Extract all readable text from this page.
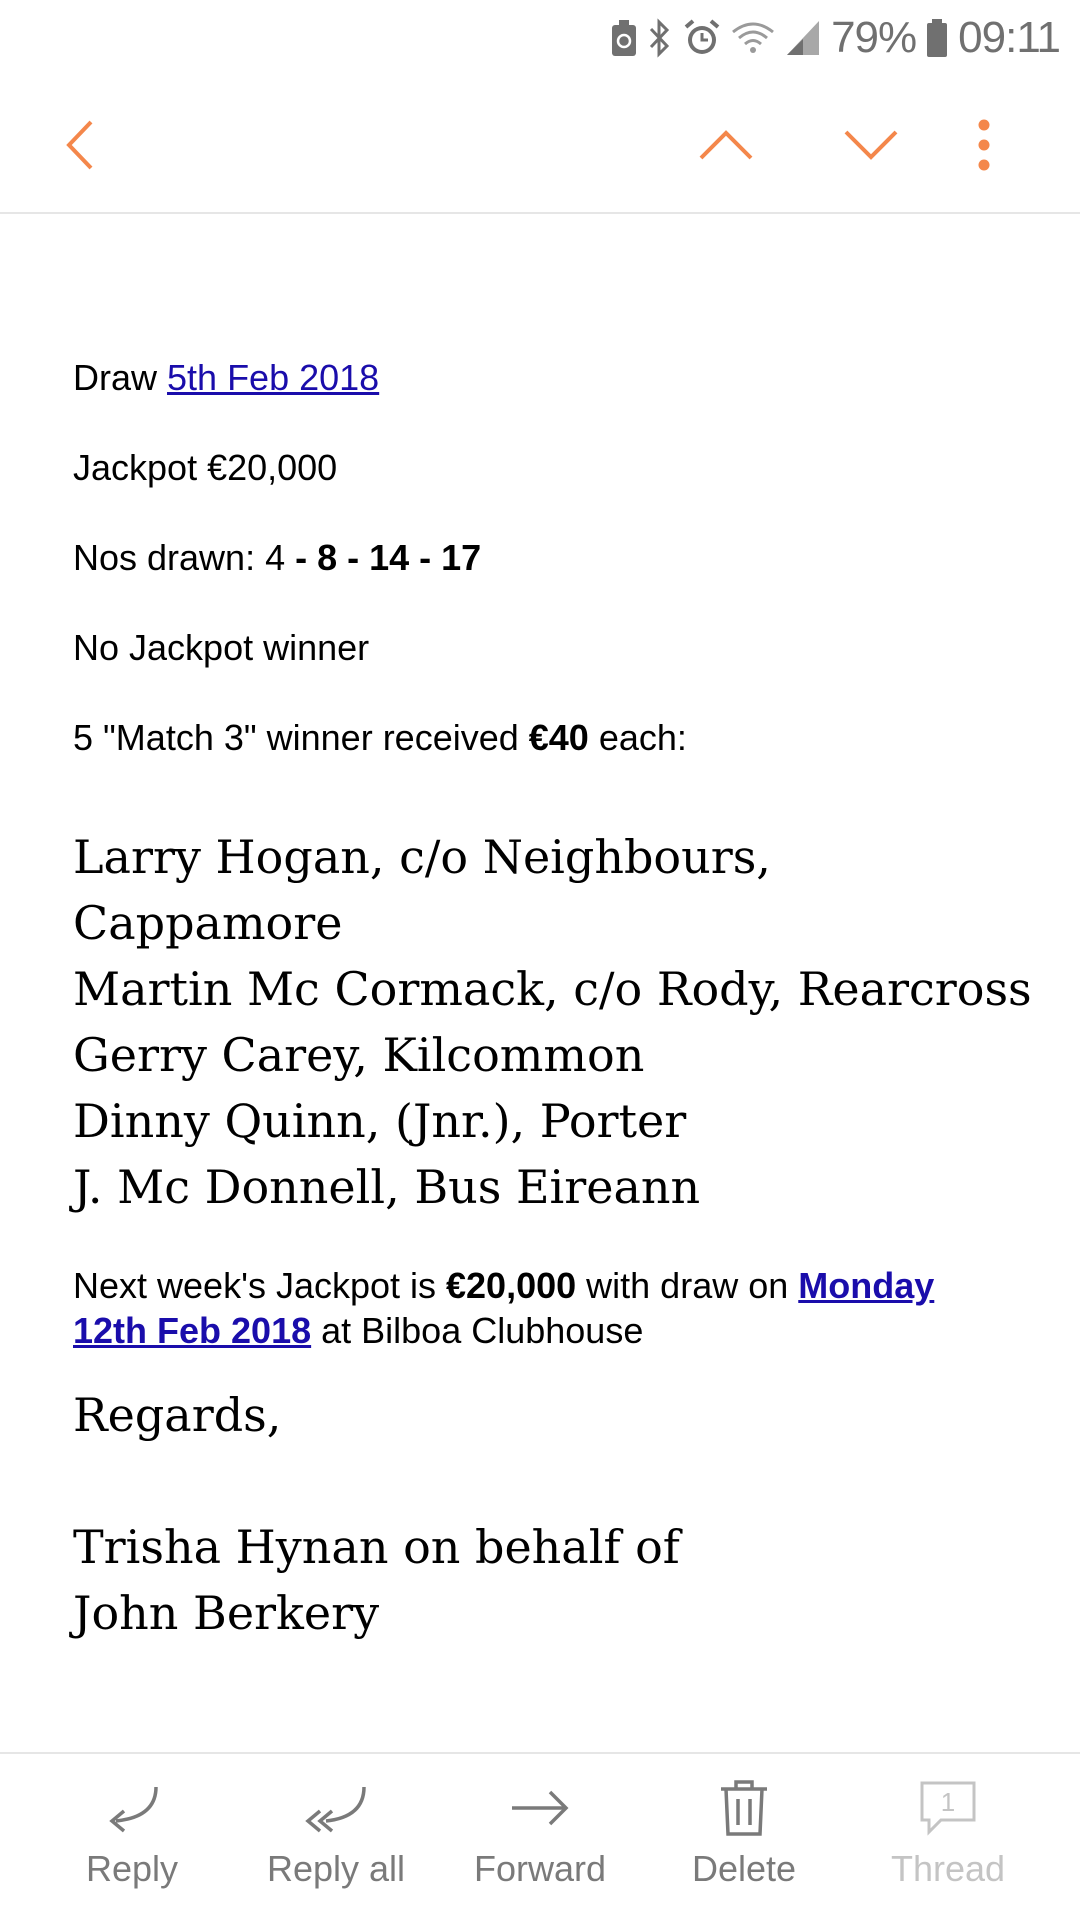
79% 09:11
Draw 5th Feb 2018
Jackpot €20,000
Nos drawn: 4 - 8 - 14 - 17
No Jackpot winner
5 "Match 3" winner received €40 each:
Larry Hogan, c/o Neighbours,
Cappamore
Martin Mc Cormack, c/o Rody, Rearcross
Gerry Carey, Kilcommon
Dinny Quinn, (Jnr.), Porter
J. Mc Donnell, Bus Eireann
Next week's Jackpot is €20,000 with draw on Monday
12th Feb 2018 at Bilboa Clubhouse
Regards,
Trisha Hynan on behalf of
John Berkery
Reply Reply all Forward Delete
1
Thread
